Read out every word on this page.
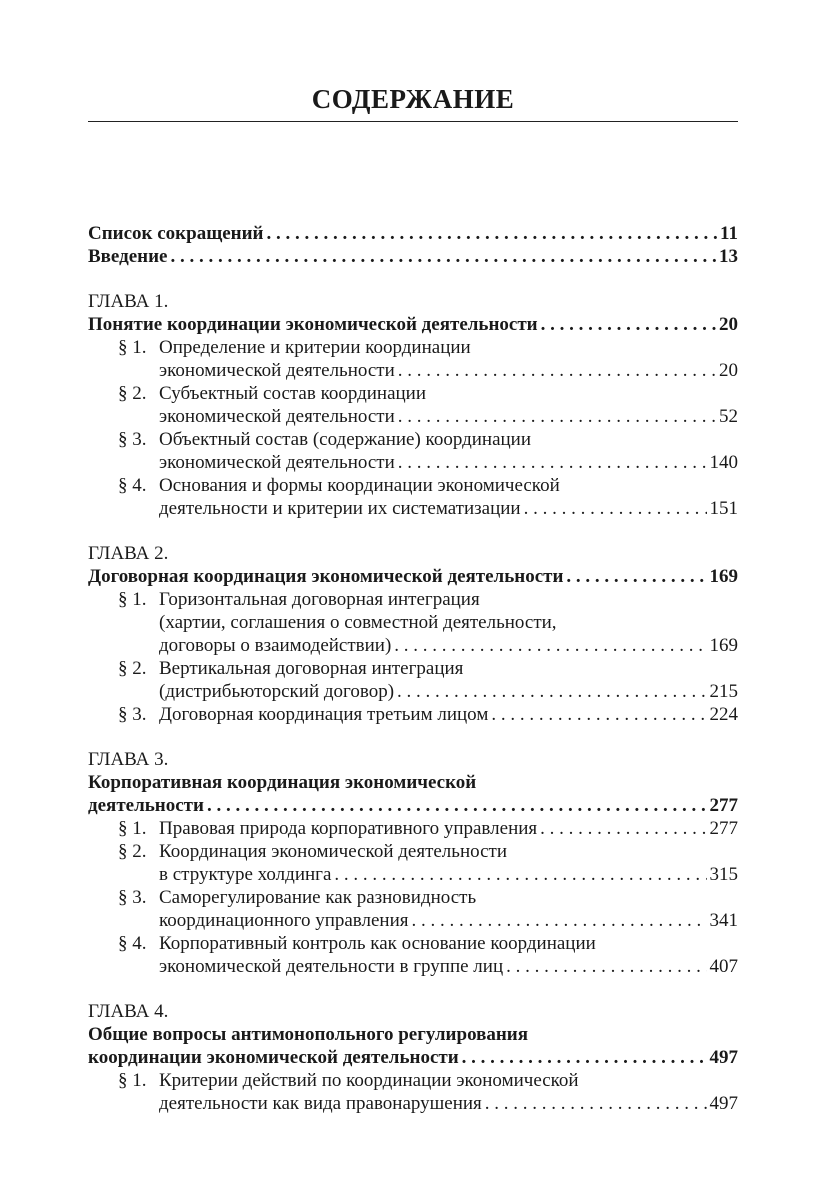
СОДЕРЖАНИЕ
Список сокращений . . .	11
Введение . . .	13
ГЛАВА 1.
Понятие координации экономической деятельности . . .	20
§ 1. Определение и критерии координации
экономической деятельности . . .	20
§ 2. Субъектный состав координации
экономической деятельности . . .	52
§ 3. Объектный состав (содержание) координации
экономической деятельности . . .	140
§ 4. Основания и формы координации экономической
деятельности и критерии их систематизации . . .	151
ГЛАВА 2.
Договорная координация экономической деятельности . . .	169
§ 1. Горизонтальная договорная интеграция
(хартии, соглашения о совместной деятельности,
договоры о взаимодействии) . . .	169
§ 2. Вертикальная договорная интеграция
(дистрибьюторский договор) . . .	215
§ 3. Договорная координация третьим лицом . . .	224
ГЛАВА 3.
Корпоративная координация экономической
деятельности . . .	277
§ 1. Правовая природа корпоративного управления . . .	277
§ 2. Координация экономической деятельности
в структуре холдинга . . .	315
§ 3. Саморегулирование как разновидность
координационного управления . . .	341
§ 4. Корпоративный контроль как основание координации
экономической деятельности в группе лиц . . .	407
ГЛАВА 4.
Общие вопросы антимонопольного регулирования
координации экономической деятельности . . .	497
§ 1. Критерии действий по координации экономической
деятельности как вида правонарушения . . .	497
